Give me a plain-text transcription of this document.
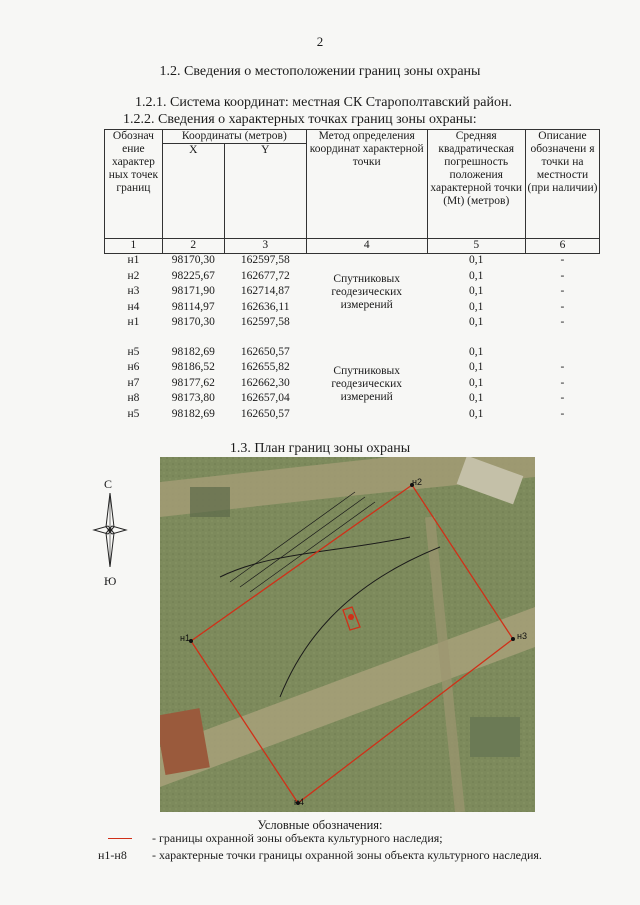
2
1.2. Сведения о местоположении границ зоны охраны
1.2.1. Система координат: местная СК Старополтавский район.
1.2.2. Сведения о характерных точках границ зоны охраны:
Обознач ение характер ных точек границ	Координаты (метров)		Метод определения координат характерной точки	Средняя квадратическая погрешность положения характерной точки (Mt) (метров)	Описание обозначени я точки на местности (при наличии)
	X	Y			
1	2	3	4	5	6
н1	98170,30	162597,58	Спутниковых геодезических измерений	0,1	-
н2	98225,67	162677,72		0,1	-
н3	98171,90	162714,87		0,1	-
н4	98114,97	162636,11		0,1	-
н1	98170,30	162597,58		0,1	-

н5	98182,69	162650,57	Спутниковых геодезических измерений	0,1	
н6	98186,52	162655,82		0,1	-
н7	98177,62	162662,30		0,1	-
н8	98173,80	162657,04		0,1	-
н5	98182,69	162650,57		0,1	-
1.3. План границ зоны охраны
С
Ю
н1
н2
н3
н4
Условные обозначения:
- границы охранной зоны объекта культурного наследия;
н1-н8 - характерные точки границы охранной зоны объекта культурного наследия.
